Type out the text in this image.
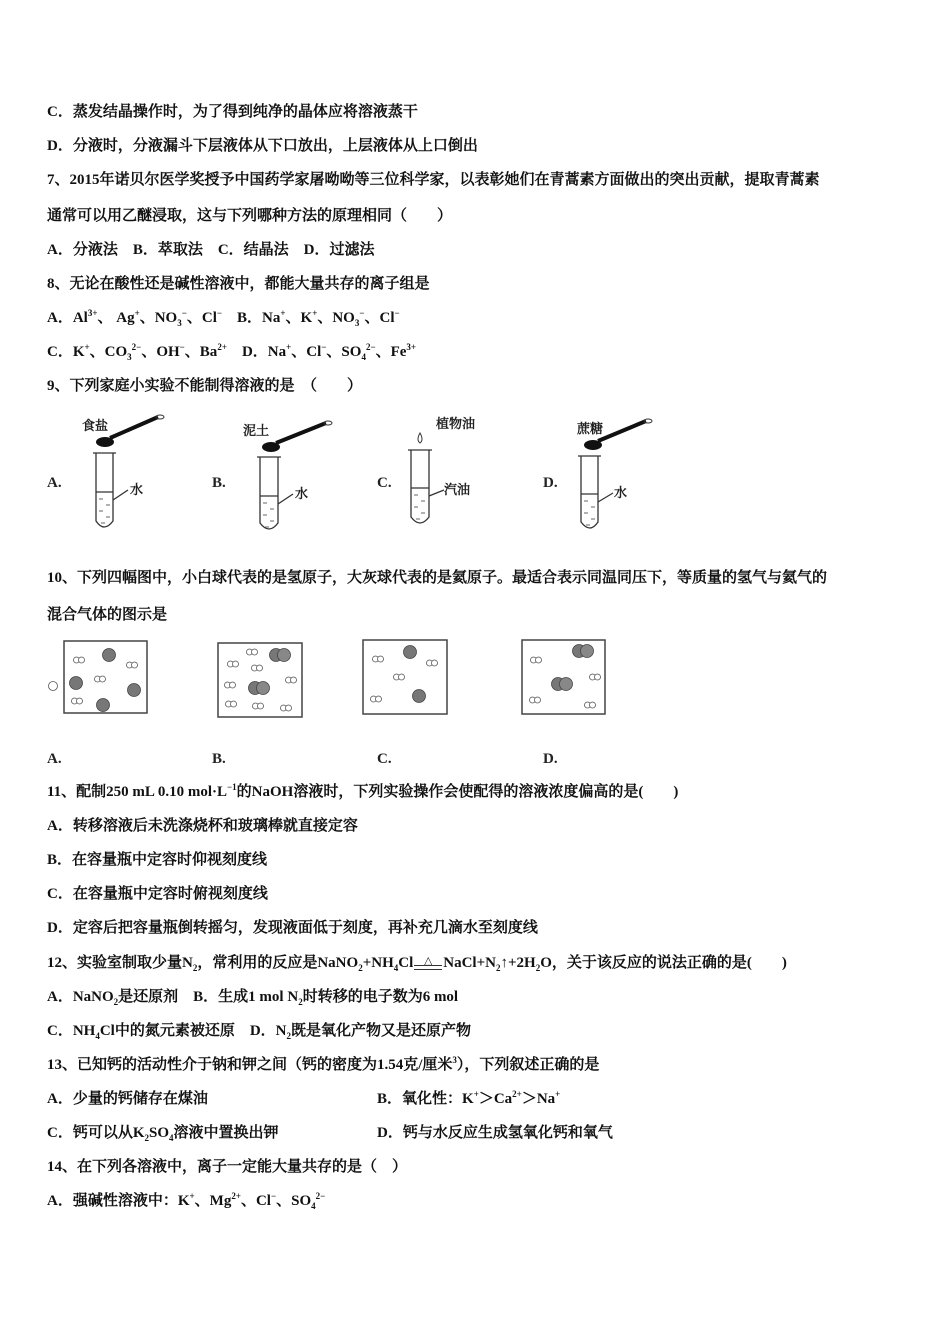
C．蒸发结晶操作时，为了得到纯净的晶体应将溶液蒸干
D．分液时，分液漏斗下层液体从下口放出，上层液体从上口倒出
7、2015年诺贝尔医学奖授予中国药学家屠呦呦等三位科学家，以表彰她们在青蒿素方面做出的突出贡献，提取青蒿素
通常可以用乙醚浸取，这与下列哪种方法的原理相同（　　）
A．分液法　B．萃取法　C．结晶法　D．过滤法
8、无论在酸性还是碱性溶液中，都能大量共存的离子组是
A．$Al^{3+}$、 Ag+、$NO_3^-$、Cl−　B．Na+、K+、$NO_3^-$、Cl−
C．K+、$CO_3^{2-}$、OH−、$Ba^{2+}$　D．Na+、Cl−、$SO_4^{2-}$、$Fe^{3+}$
9、下列家庭小实验不能制得溶液的是　（　　）
10、下列四幅图中，小白球代表的是氢原子，大灰球代表的是氦原子。最适合表示同温同压下，等质量的氢气与氦气的
混合气体的图示是
11、配制250 mL 0.10 $mol\cdot L^{-1}$的NaOH溶液时，下列实验操作会使配得的溶液浓度偏高的是(　　)
A．转移溶液后未洗涤烧杯和玻璃棒就直接定容
B．在容量瓶中定容时仰视刻度线
C．在容量瓶中定容时俯视刻度线
D．定容后把容量瓶倒转摇匀，发现液面低于刻度，再补充几滴水至刻度线
12、实验室制取少量$N_2$，常利用的反应是$NaNO_2+NH_4Cl$ △ $NaCl+N_2↑+2H_2O$，关于该反应的说法正确的是(　　)
A．NaNO$_2$是还原剂　B．生成1 mol $N_2$时转移的电子数为6 mol
C．$NH_4Cl$中的氮元素被还原　D．$N_2$既是氧化产物又是还原产物
13、已知钙的活动性介于钠和钾之间（钙的密度为1.54克/厘米$^3$），下列叙述正确的是
A．少量的钙储存在煤油	B．氧化性：$K^+>Ca^{2+}>Na^+$
C．钙可以从$K_2SO_4$溶液中置换出钾	D．钙与水反应生成氢氧化钙和氧气
14、在下列各溶液中，离子一定能大量共存的是（　）
A．强碱性溶液中：K+、$Mg^{2+}$、Cl−、$SO_4^{2-}$
A.	B.	C.	D.
食盐
水
泥土
水
植物油
汽油
蔗糖
水
A.	B.	C.	D.
